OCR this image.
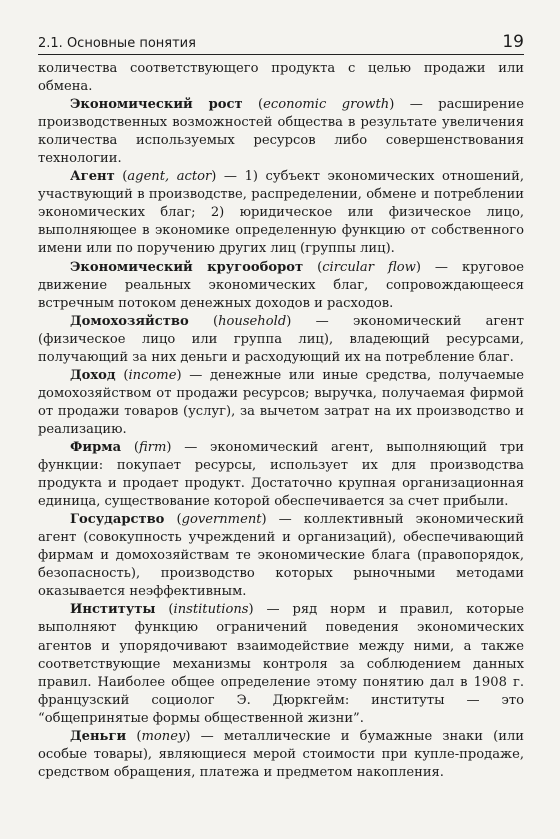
2.1. Основные понятия	19

количества соответствующего продукта с целью продажи или обмена.

Экономический рост (economic growth) — расширение производственных возможностей общества в результате увеличения количества используемых ресурсов либо совершенствования технологии.

Агент (agent, actor) — 1) субъект экономических отношений, участвующий в производстве, распределении, обмене и потреблении экономических благ; 2) юридическое или физическое лицо, выполняющее в экономике определенную функцию от собственного имени или по поручению других лиц (группы лиц).

Экономический кругооборот (circular flow) — круговое движение реальных экономических благ, сопровождающееся встречным потоком денежных доходов и расходов.

Домохозяйство (household) — экономический агент (физическое лицо или группа лиц), владеющий ресурсами, получающий за них деньги и расходующий их на потребление благ.

Доход (income) — денежные или иные средства, получаемые домохозяйством от продажи ресурсов; выручка, получаемая фирмой от продажи товаров (услуг), за вычетом затрат на их производство и реализацию.

Фирма (firm) — экономический агент, выполняющий три функции: покупает ресурсы, использует их для производства продукта и продает продукт. Достаточно крупная организационная единица, существование которой обеспечивается за счет прибыли.

Государство (government) — коллективный экономический агент (совокупность учреждений и организаций), обеспечивающий фирмам и домохозяйствам те экономические блага (правопорядок, безопасность), производство которых рыночными методами оказывается неэффективным.

Институты (institutions) — ряд норм и правил, которые выполняют функцию ограничений поведения экономических агентов и упорядочивают взаимодействие между ними, а также соответствующие механизмы контроля за соблюдением данных правил. Наиболее общее определение этому понятию дал в 1908 г. французский социолог Э. Дюркгейм: институты — это “общепринятые формы общественной жизни”.

Деньги (money) — металлические и бумажные знаки (или особые товары), являющиеся мерой стоимости при купле-продаже, средством обращения, платежа и предметом накопления.
